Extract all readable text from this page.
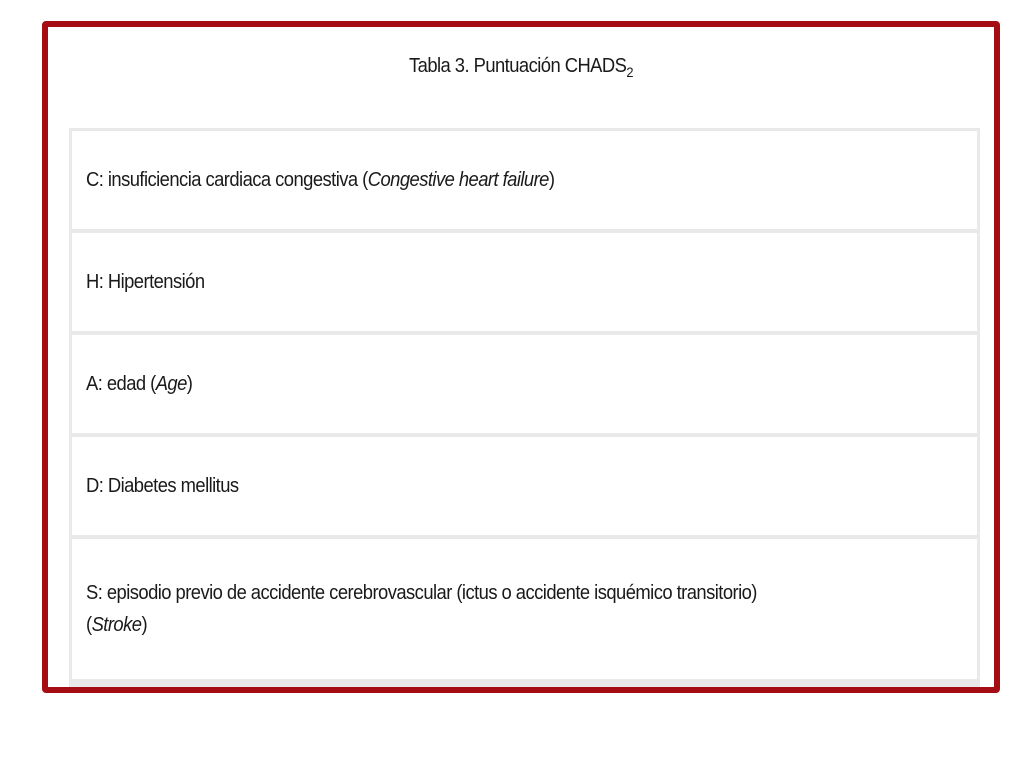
Tabla 3. Puntuación $CHADS_2$
C: insuficiencia cardiaca congestiva (Congestive heart failure)
H: Hipertensión
A: edad (Age)
D: Diabetes mellitus
S: episodio previo de accidente cerebrovascular (ictus o accidente isquémico transitorio)
(Stroke)
